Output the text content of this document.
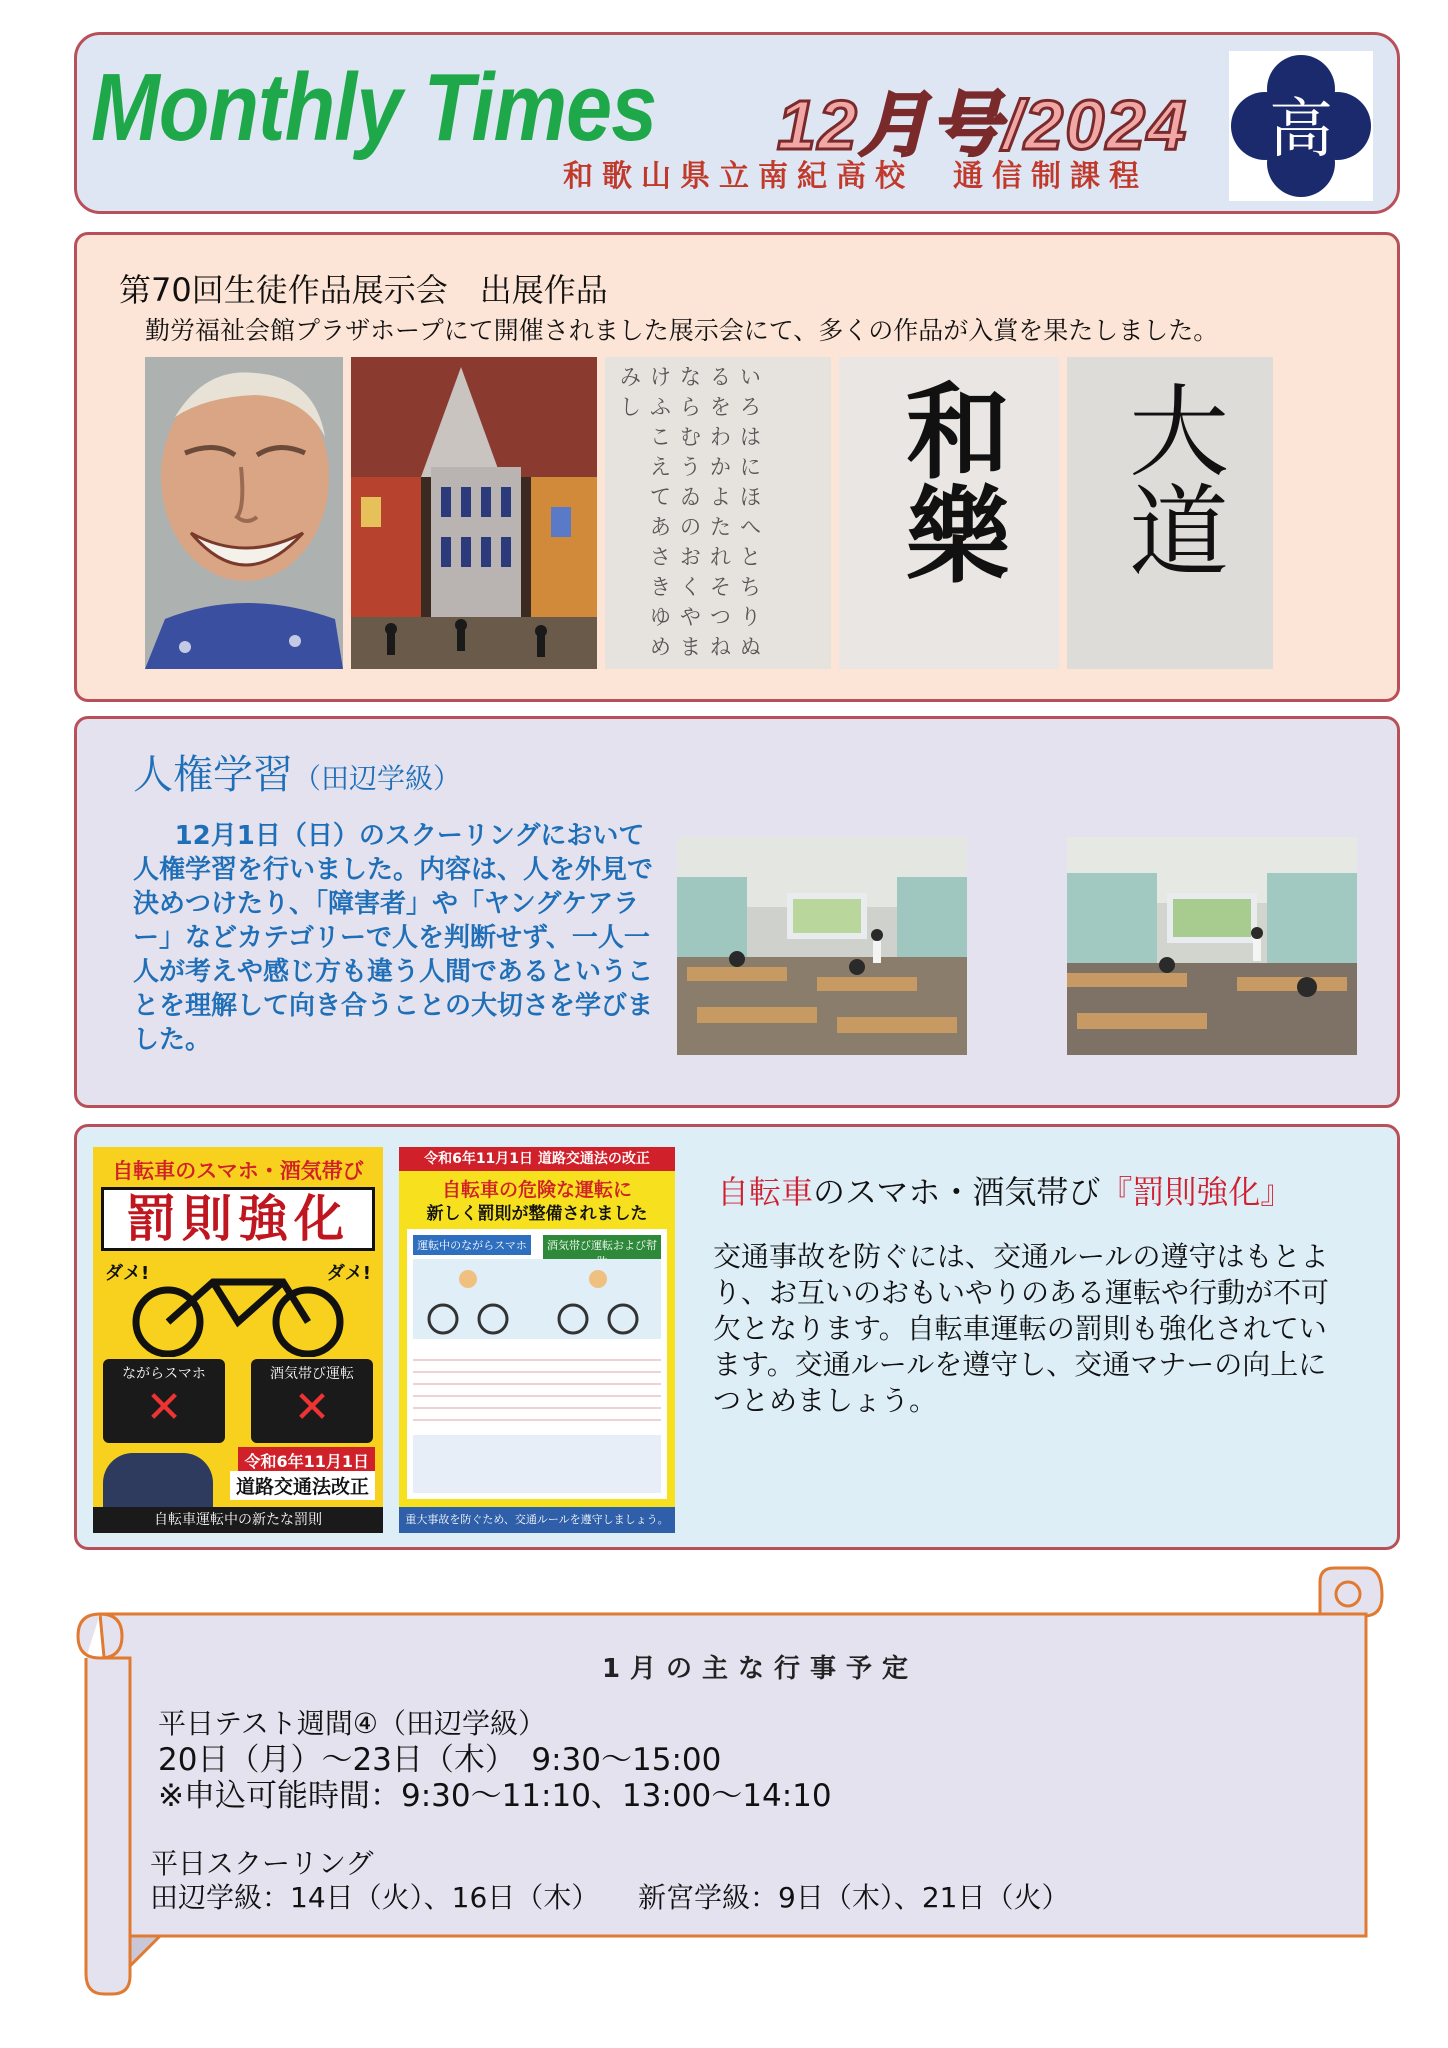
Monthly Times 12月号/2024
和歌山県立南紀高校　通信制課程
高
第70回生徒作品展示会　出展作品
勤労福祉会館プラザホープにて開催されました展示会にて、多くの作品が入賞を果たしました。
いろはにほへとちりぬるをわかよたれそつねならむうゐのおくやまけふこえてあさきゆめみし	和樂 大道
人権学習（田辺学級）
12月1日（日）のスクーリングにおいて人権学習を行いました。内容は、人を外見で決めつけたり、「障害者」や「ヤングケアラー」などカテゴリーで人を判断せず、一人一人が考えや感じ方も違う人間であるということを理解して向き合うことの大切さを学びました。
自転車のスマホ・酒気帯び
罰則強化
ダメ!	ダメ!
ながらスマホ
✕
酒気帯び運転
✕
令和6年11月1日
道路交通法改正
自転車運転中の新たな罰則
令和6年11月1日 道路交通法の改正
自転車の危険な運転に
新しく罰則が整備されました
運転中のながらスマホ	酒気帯び運転および幇
重大事故を防ぐため、交通ルールを遵守しましょう。
自転車のスマホ・酒気帯び『罰則強化』
交通事故を防ぐには、交通ルールの遵守はもとより、お互いのおもいやりのある運転や行動が不可欠となります。自転車運転の罰則も強化されています。交通ルールを遵守し、交通マナーの向上につとめましょう。
1月の主な行事予定
平日テスト週間④（田辺学級）
20日（月）～23日（木）　9:30～15:00
※申込可能時間：9:30～11:10、13:00～14:10
平日スクーリング
田辺学級：14日（火）、16日（木） 新宮学級：9日（木）、21日（火）
